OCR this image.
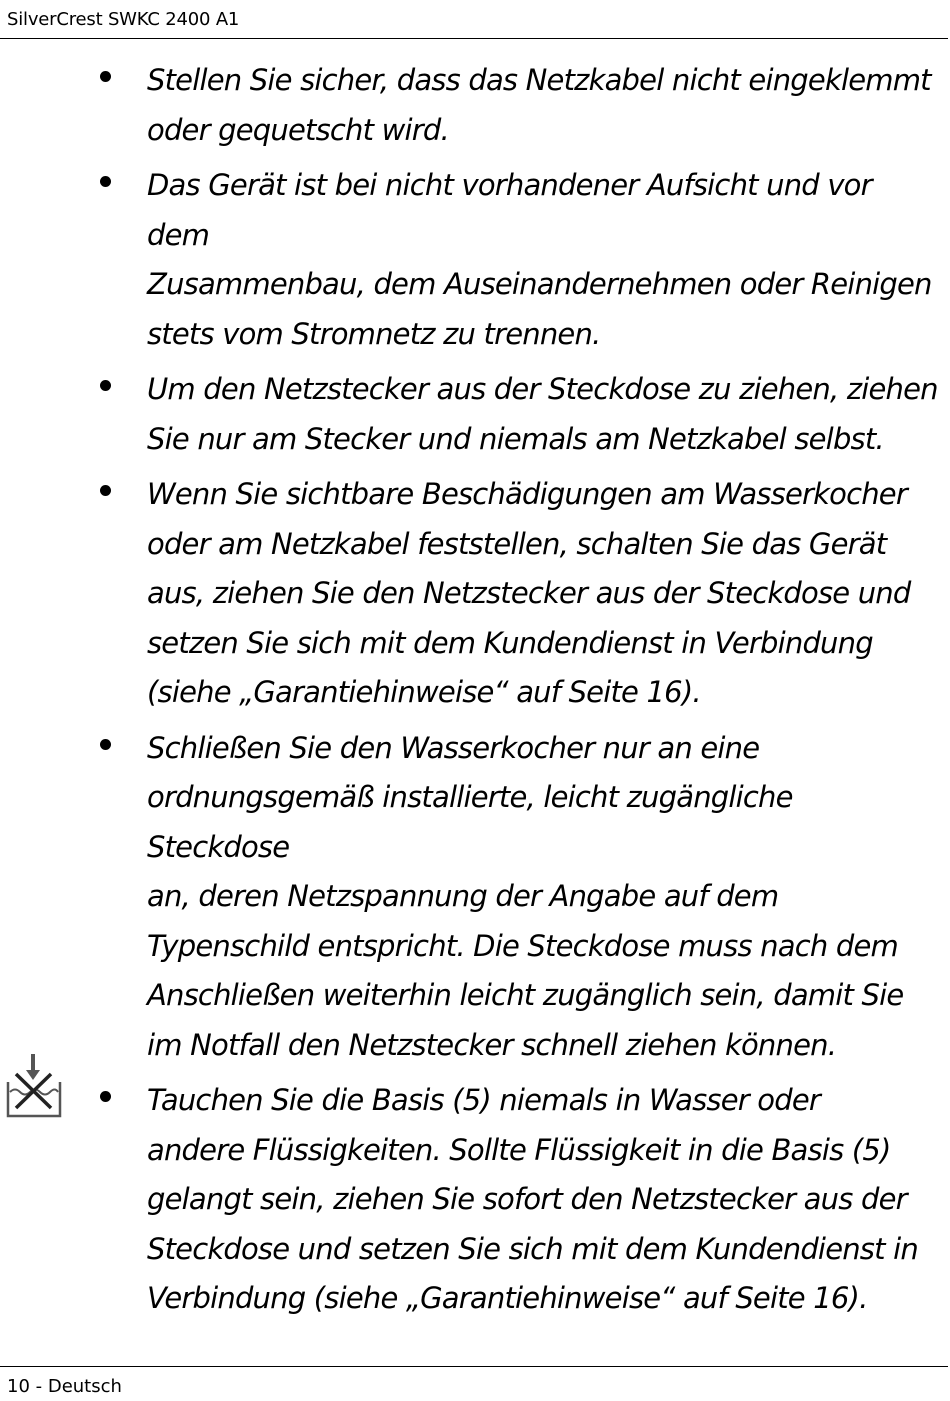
SilverCrest SWKC 2400 A1
Stellen Sie sicher, dass das Netzkabel nicht eingeklemmt
oder gequetscht wird.
Das Gerät ist bei nicht vorhandener Aufsicht und vor dem
Zusammenbau, dem Auseinandernehmen oder Reinigen
stets vom Stromnetz zu trennen.
Um den Netzstecker aus der Steckdose zu ziehen, ziehen
Sie nur am Stecker und niemals am Netzkabel selbst.
Wenn Sie sichtbare Beschädigungen am Wasserkocher
oder am Netzkabel feststellen, schalten Sie das Gerät
aus, ziehen Sie den Netzstecker aus der Steckdose und
setzen Sie sich mit dem Kundendienst in Verbindung
(siehe „Garantiehinweise“ auf Seite 16).
Schließen Sie den Wasserkocher nur an eine
ordnungsgemäß installierte, leicht zugängliche Steckdose
an, deren Netzspannung der Angabe auf dem
Typenschild entspricht. Die Steckdose muss nach dem
Anschließen weiterhin leicht zugänglich sein, damit Sie
im Notfall den Netzstecker schnell ziehen können.
Tauchen Sie die Basis (5) niemals in Wasser oder
andere Flüssigkeiten. Sollte Flüssigkeit in die Basis (5)
gelangt sein, ziehen Sie sofort den Netzstecker aus der
Steckdose und setzen Sie sich mit dem Kundendienst in
Verbindung (siehe „Garantiehinweise“ auf Seite 16).
10 - Deutsch
